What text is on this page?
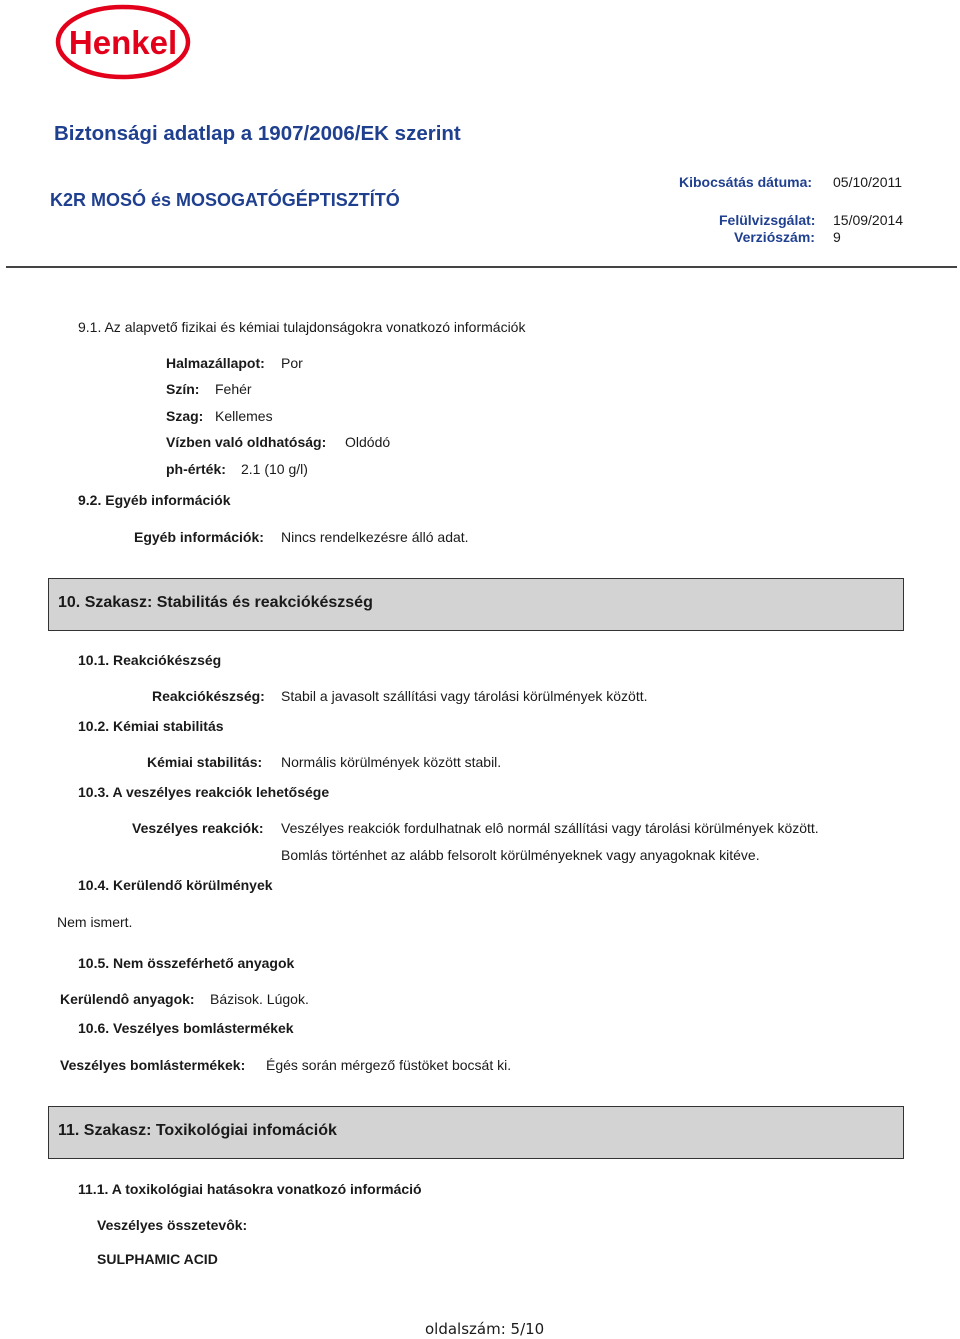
Henkel
Biztonsági adatlap a 1907/2006/EK szerint
K2R MOSÓ és MOSOGATÓGÉPTISZTÍTÓ
Kibocsátás dátuma: 05/10/2011
Felülvizsgálat: 15/09/2014
Verziószám: 9
9.1. Az alapvető fizikai és kémiai tulajdonságokra vonatkozó információk
Halmazállapot: Por
Szín: Fehér
Szag: Kellemes
Vízben való oldhatóság: Oldódó
ph-érték: 2.1 (10 g/l)
9.2. Egyéb információk
Egyéb információk: Nincs rendelkezésre álló adat.
10. Szakasz: Stabilitás és reakciókészség
10.1. Reakciókészség
Reakciókészség: Stabil a javasolt szállítási vagy tárolási körülmények között.
10.2. Kémiai stabilitás
Kémiai stabilitás: Normális körülmények között stabil.
10.3. A veszélyes reakciók lehetősége
Veszélyes reakciók: Veszélyes reakciók fordulhatnak elô normál szállítási vagy tárolási körülmények között.
Bomlás történhet az alább felsorolt körülményeknek vagy anyagoknak kitéve.
10.4. Kerülendő körülmények
Nem ismert.
10.5. Nem összeférhető anyagok
Kerülendô anyagok: Bázisok. Lúgok.
10.6. Veszélyes bomlástermékek
Veszélyes bomlástermékek: Égés során mérgező füstöket bocsát ki.
11. Szakasz: Toxikológiai infomációk
11.1. A toxikológiai hatásokra vonatkozó információ
Veszélyes összetevôk:
SULPHAMIC ACID
oldalszám: 5/10
